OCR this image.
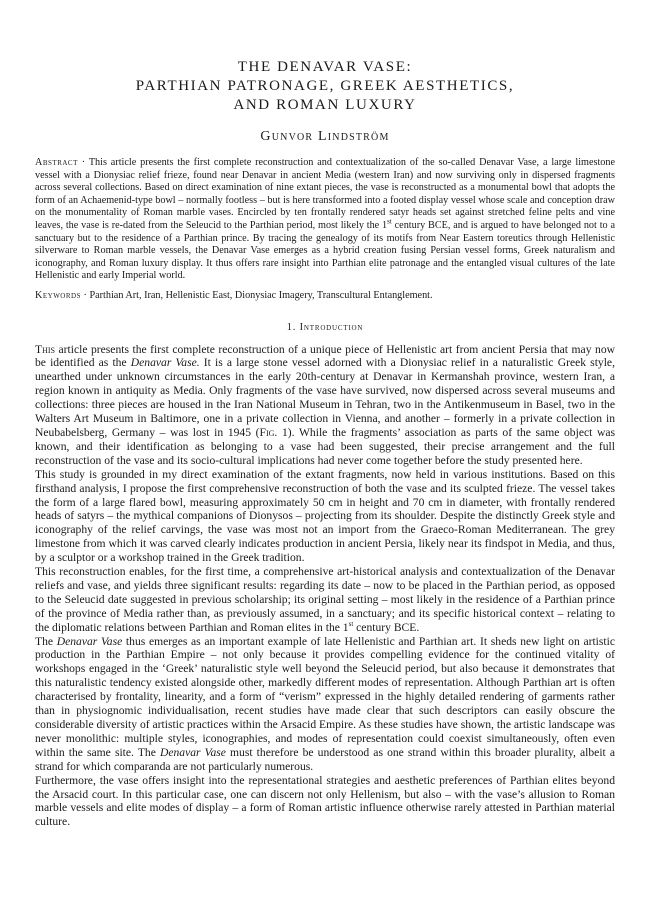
THE DENAVAR VASE:
PARTHIAN PATRONAGE, GREEK AESTHETICS,
AND ROMAN LUXURY
Gunvor Lindström

Abstract · This article presents the first complete reconstruction and contextualization of the so-called Denavar Vase, a large limestone vessel with a Dionysiac relief frieze, found near Denavar in ancient Media (western Iran) and now surviving only in dispersed fragments across several collections. Based on direct examination of nine extant pieces, the vase is reconstructed as a monumental bowl that adopts the form of an Achaemenid-type bowl – normally footless – but is here transformed into a footed display vessel whose scale and conception draw on the monumentality of Roman marble vases. Encircled by ten frontally rendered satyr heads set against stretched feline pelts and vine leaves, the vase is re-dated from the Seleucid to the Parthian period, most likely the 1st century BCE, and is argued to have belonged not to a sanctuary but to the residence of a Parthian prince. By tracing the genealogy of its motifs from Near Eastern toreutics through Hellenistic silverware to Roman marble vessels, the Denavar Vase emerges as a hybrid creation fusing Persian vessel forms, Greek naturalism and iconography, and Roman luxury display. It thus offers rare insight into Parthian elite patronage and the entangled visual cultures of the late Hellenistic and early Imperial world.

Keywords · Parthian Art, Iran, Hellenistic East, Dionysiac Imagery, Transcultural Entanglement.

1. Introduction

This article presents the first complete reconstruction of a unique piece of Hellenistic art from ancient Persia that may now be identified as the Denavar Vase. It is a large stone vessel adorned with a Dionysiac relief in a naturalistic Greek style, unearthed under unknown circumstances in the early 20th-century at Denavar in Kermanshah province, western Iran, a region known in antiquity as Media. Only fragments of the vase have survived, now dispersed across several museums and collections: three pieces are housed in the Iran National Museum in Tehran, two in the Antikenmuseum in Basel, two in the Walters Art Museum in Baltimore, one in a private collection in Vienna, and another – formerly in a private collection in Neubabelsberg, Germany – was lost in 1945 (Fig. 1). While the fragments’ association as parts of the same object was known, and their identification as belonging to a vase had been suggested, their precise arrangement and the full reconstruction of the vase and its socio-cultural implications had never come together before the study presented here.

This study is grounded in my direct examination of the extant fragments, now held in various institutions. Based on this firsthand analysis, I propose the first comprehensive reconstruction of both the vase and its sculpted frieze. The vessel takes the form of a large flared bowl, measuring approximately 50 cm in height and 70 cm in diameter, with frontally rendered heads of satyrs – the mythical companions of Dionysos – projecting from its shoulder. Despite the distinctly Greek style and iconography of the relief carvings, the vase was most not an import from the Graeco-Roman Mediterranean. The grey limestone from which it was carved clearly indicates production in ancient Persia, likely near its findspot in Media, and thus, by a sculptor or a workshop trained in the Greek tradition.

This reconstruction enables, for the first time, a comprehensive art-historical analysis and contextualization of the Denavar reliefs and vase, and yields three significant results: regarding its date – now to be placed in the Parthian period, as opposed to the Seleucid date suggested in previous scholarship; its original setting – most likely in the residence of a Parthian prince of the province of Media rather than, as previously assumed, in a sanctuary; and its specific historical context – relating to the diplomatic relations between Parthian and Roman elites in the 1st century BCE.

The Denavar Vase thus emerges as an important example of late Hellenistic and Parthian art. It sheds new light on artistic production in the Parthian Empire – not only because it provides compelling evidence for the continued vitality of workshops engaged in the ‘Greek’ naturalistic style well beyond the Seleucid period, but also because it demonstrates that this naturalistic tendency existed alongside other, markedly different modes of representation. Although Parthian art is often characterised by frontality, linearity, and a form of “verism” expressed in the highly detailed rendering of garments rather than in physiognomic individualisation, recent studies have made clear that such descriptors can easily obscure the considerable diversity of artistic practices within the Arsacid Empire. As these studies have shown, the artistic landscape was never monolithic: multiple styles, iconographies, and modes of representation could coexist simultaneously, often even within the same site. The Denavar Vase must therefore be understood as one strand within this broader plurality, albeit a strand for which comparanda are not particularly numerous.

Furthermore, the vase offers insight into the representational strategies and aesthetic preferences of Parthian elites beyond the Arsacid court. In this particular case, one can discern not only Hellenism, but also – with the vase’s allusion to Roman marble vessels and elite modes of display – a form of Roman artistic influence otherwise rarely attested in Parthian material culture.
